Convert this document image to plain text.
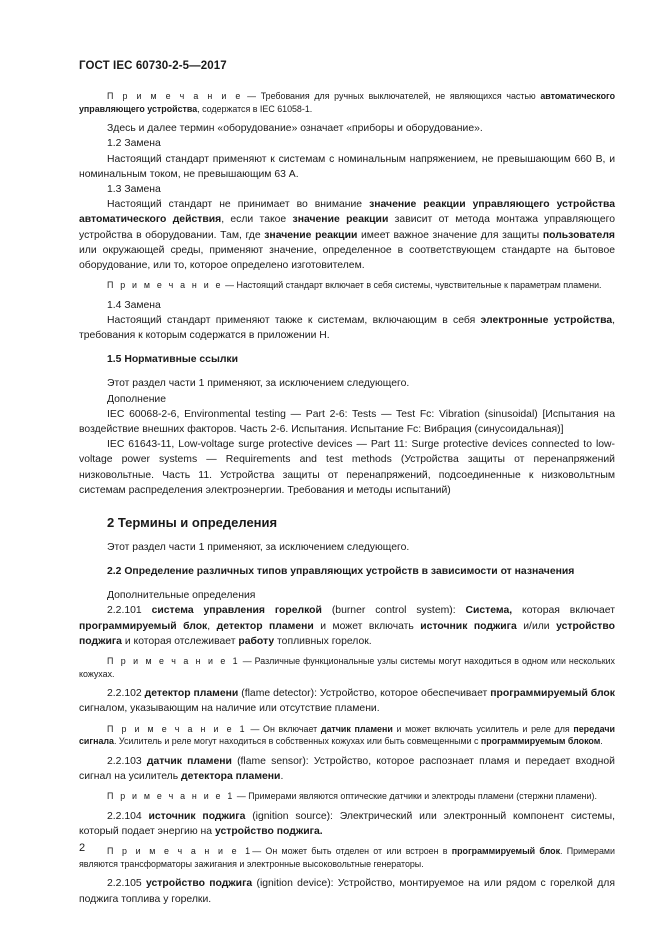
ГОСТ IEC 60730-2-5—2017

П р и м е ч а н и е — Требования для ручных выключателей, не являющихся частью автоматического управляющего устройства, содержатся в IEC 61058-1.

Здесь и далее термин «оборудование» означает «приборы и оборудование».

1.2 Замена

Настоящий стандарт применяют к системам с номинальным напряжением, не превышающим 660 В, и номинальным током, не превышающим 63 А.

1.3 Замена

Настоящий стандарт не принимает во внимание значение реакции управляющего устройства автоматического действия, если такое значение реакции зависит от метода монтажа управляющего устройства в оборудовании. Там, где значение реакции имеет важное значение для защиты пользователя или окружающей среды, применяют значение, определенное в соответствующем стандарте на бытовое оборудование, или то, которое определено изготовителем.

П р и м е ч а н и е — Настоящий стандарт включает в себя системы, чувствительные к параметрам пламени.

1.4 Замена

Настоящий стандарт применяют также к системам, включающим в себя электронные устройства, требования к которым содержатся в приложении Н.

1.5 Нормативные ссылки

Этот раздел части 1 применяют, за исключением следующего.

Дополнение

IEC 60068-2-6, Environmental testing — Part 2-6: Tests — Test Fc: Vibration (sinusoidal) [Испытания на воздействие внешних факторов. Часть 2-6. Испытания. Испытание Fc: Вибрация (синусоидальная)]

IEC 61643-11, Low-voltage surge protective devices — Part 11: Surge protective devices connected to low-voltage power systems — Requirements and test methods (Устройства защиты от перенапряжений низковольтные. Часть 11. Устройства защиты от перенапряжений, подсоединенные к низковольтным системам распределения электроэнергии. Требования и методы испытаний)

2 Термины и определения

Этот раздел части 1 применяют, за исключением следующего.

2.2 Определение различных типов управляющих устройств в зависимости от назначения

Дополнительные определения

2.2.101 система управления горелкой (burner control system): Система, которая включает программируемый блок, детектор пламени и может включать источник поджига и/или устройство поджига и которая отслеживает работу топливных горелок.

П р и м е ч а н и е 1 — Различные функциональные узлы системы могут находиться в одном или нескольких кожухах.

2.2.102 детектор пламени (flame detector): Устройство, которое обеспечивает программируемый блок сигналом, указывающим на наличие или отсутствие пламени.

П р и м е ч а н и е 1 — Он включает датчик пламени и может включать усилитель и реле для передачи сигнала. Усилитель и реле могут находиться в собственных кожухах или быть совмещенными с программируемым блоком.

2.2.103 датчик пламени (flame sensor): Устройство, которое распознает пламя и передает входной сигнал на усилитель детектора пламени.

П р и м е ч а н и е 1 — Примерами являются оптические датчики и электроды пламени (стержни пламени).

2.2.104 источник поджига (ignition source): Электрический или электронный компонент системы, который подает энергию на устройство поджига.

П р и м е ч а н и е 1— Он может быть отделен от или встроен в программируемый блок. Примерами являются трансформаторы зажигания и электронные высоковольтные генераторы.

2.2.105 устройство поджига (ignition device): Устройство, монтируемое на или рядом с горелкой для поджига топлива у горелки.

2
